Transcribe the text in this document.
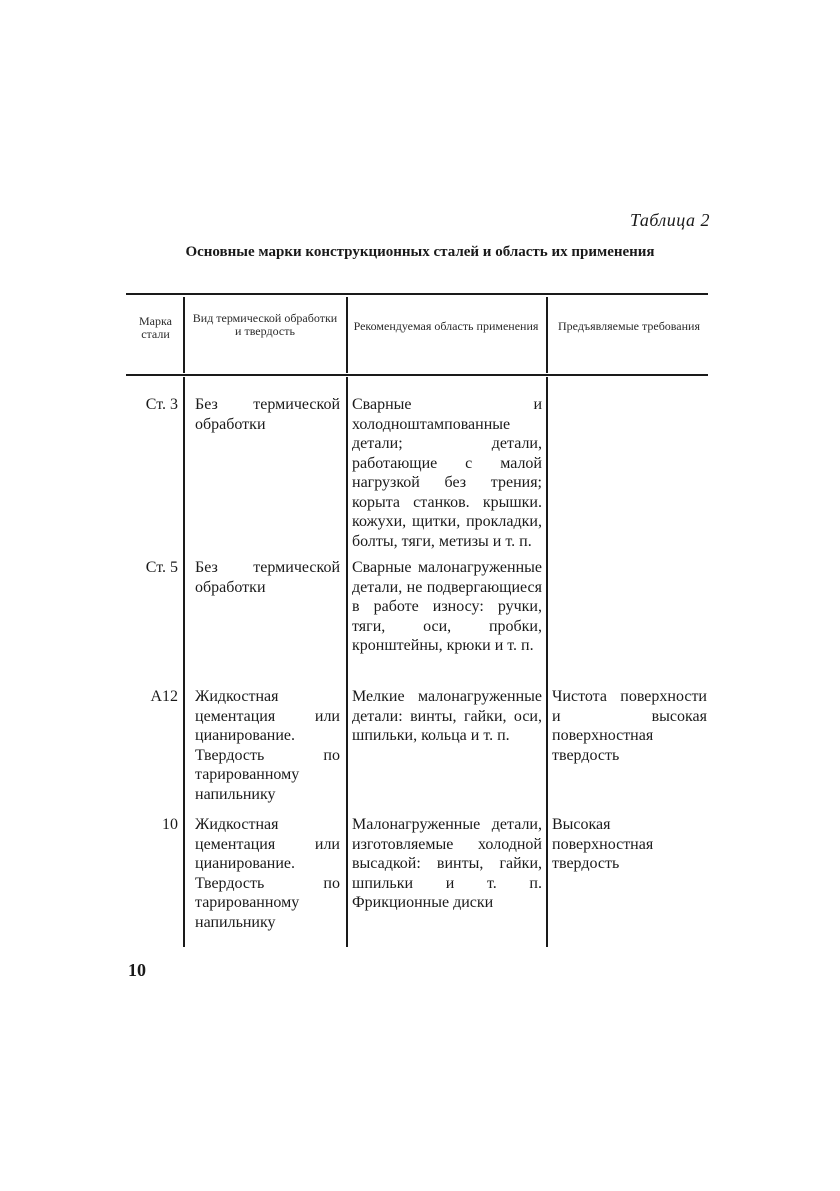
Таблица 2
Основные марки конструкционных сталей и область их применения
Марка стали
Вид термической обработки и твердость	Рекомендуемая область применения	Предъявляемые требования
Ст. 3 Без термической обработки
Сварные и холодноштампованные детали; детали, работающие с малой нагрузкой без трения; корыта станков. крышки. кожухи, щитки, прокладки, болты, тяги, метизы и т. п.
Ст. 5 Без термической обработки
Сварные малонагруженные детали, не подвергающиеся в работе износу: ручки, тяги, оси, пробки, кронштейны, крюки и т. п.
А12 Жидкостная цементация или цианирование. Твердость по тарированному напильнику
Мелкие малонагруженные детали: винты, гайки, оси, шпильки, кольца и т. п.
Чистота поверхности и высокая поверхностная твердость
10 Жидкостная цементация или цианирование. Твердость по тарированному напильнику
Малонагруженные детали, изготовляемые холодной высадкой: винты, гайки, шпильки и т. п. Фрикционные диски
Высокая поверхностная твердость
10
